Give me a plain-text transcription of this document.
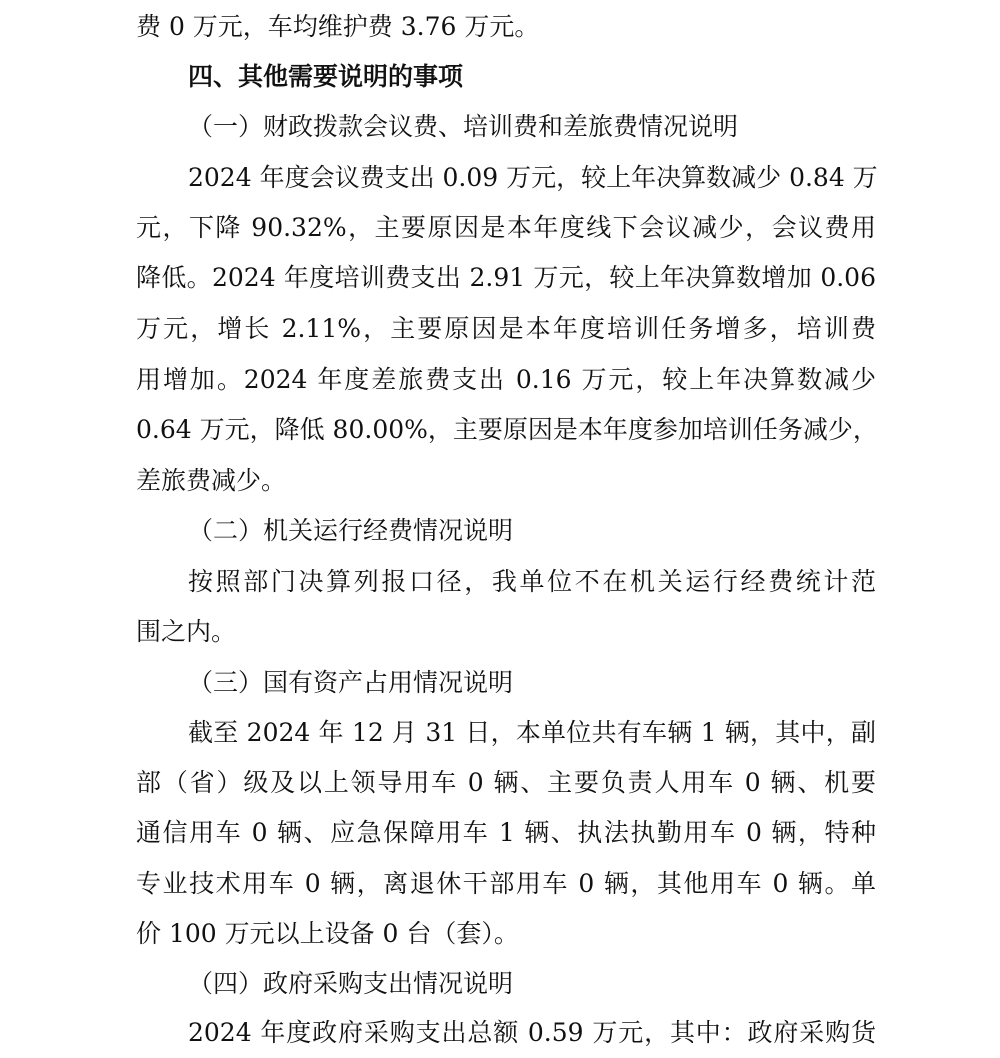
费 0 万元，车均维护费 3.76 万元。
四、其他需要说明的事项
（一）财政拨款会议费、培训费和差旅费情况说明
2024 年度会议费支出 0.09 万元，较上年决算数减少 0.84 万
元，下降 90.32%，主要原因是本年度线下会议减少，会议费用
降低。2024 年度培训费支出 2.91 万元，较上年决算数增加 0.06
万元，增长 2.11%，主要原因是本年度培训任务增多，培训费
用增加。2024 年度差旅费支出 0.16 万元，较上年决算数减少
0.64 万元，降低 80.00%，主要原因是本年度参加培训任务减少，
差旅费减少。
（二）机关运行经费情况说明
按照部门决算列报口径，我单位不在机关运行经费统计范
围之内。
（三）国有资产占用情况说明
截至 2024 年 12 月 31 日，本单位共有车辆 1 辆，其中，副
部（省）级及以上领导用车 0 辆、主要负责人用车 0 辆、机要
通信用车 0 辆、应急保障用车 1 辆、执法执勤用车 0 辆，特种
专业技术用车 0 辆，离退休干部用车 0 辆，其他用车 0 辆。单
价 100 万元以上设备 0 台（套）。
（四）政府采购支出情况说明
2024 年度政府采购支出总额 0.59 万元，其中：政府采购货
